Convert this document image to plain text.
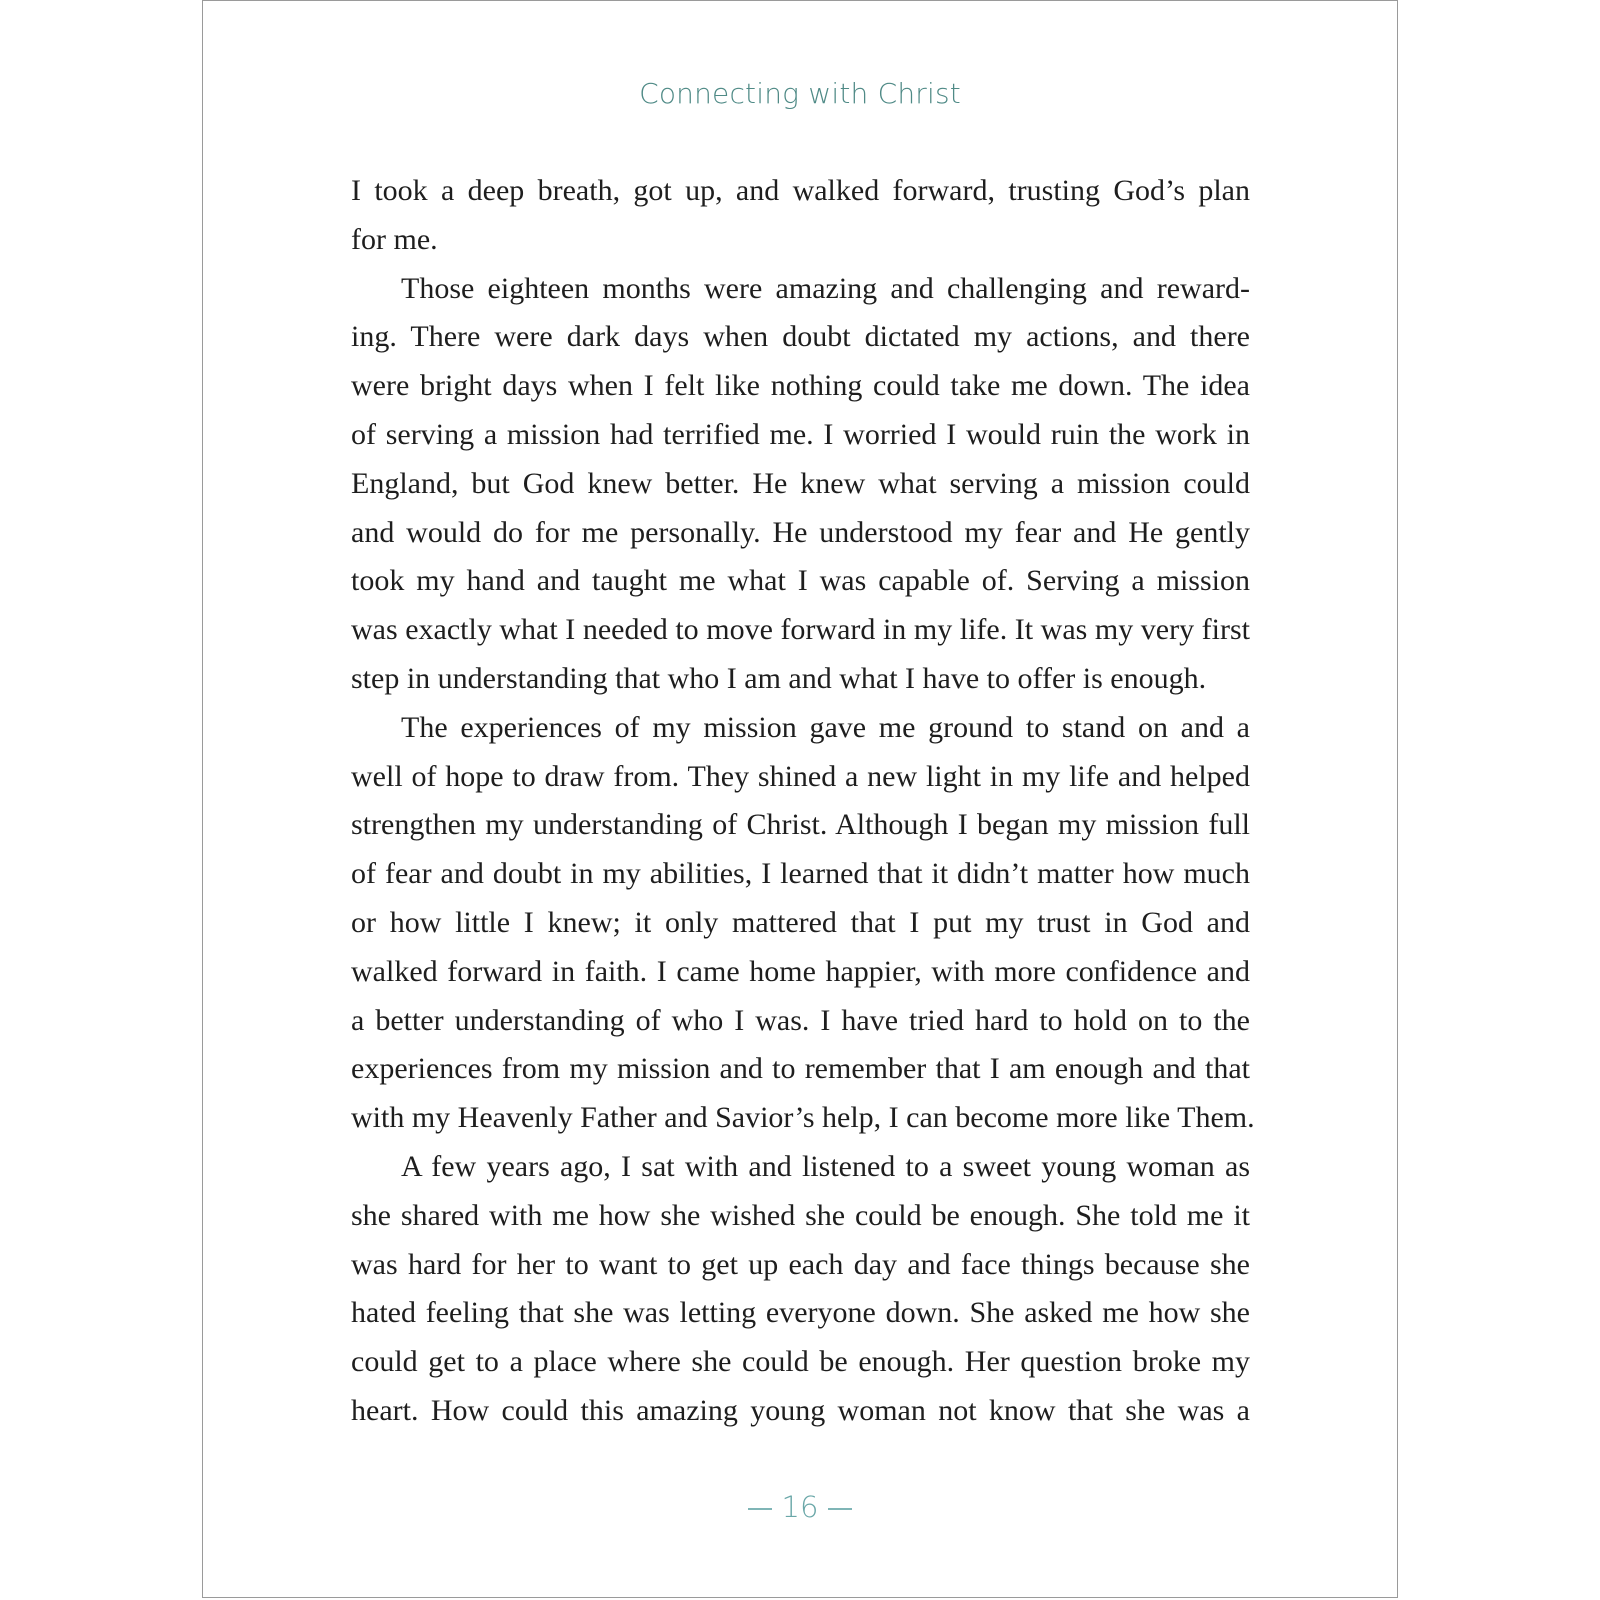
Connecting with Christ
I took a deep breath, got up, and walked forward, trusting God’s plan
for me.
Those eighteen months were amazing and challenging and reward-
ing. There were dark days when doubt dictated my actions, and there
were bright days when I felt like nothing could take me down. The idea
of serving a mission had terrified me. I worried I would ruin the work in
England, but God knew better. He knew what serving a mission could
and would do for me personally. He understood my fear and He gently
took my hand and taught me what I was capable of. Serving a mission
was exactly what I needed to move forward in my life. It was my very first
step in understanding that who I am and what I have to offer is enough.
The experiences of my mission gave me ground to stand on and a
well of hope to draw from. They shined a new light in my life and helped
strengthen my understanding of Christ. Although I began my mission full
of fear and doubt in my abilities, I learned that it didn’t matter how much
or how little I knew; it only mattered that I put my trust in God and
walked forward in faith. I came home happier, with more confidence and
a better understanding of who I was. I have tried hard to hold on to the
experiences from my mission and to remember that I am enough and that
with my Heavenly Father and Savior’s help, I can become more like Them.
A few years ago, I sat with and listened to a sweet young woman as
she shared with me how she wished she could be enough. She told me it
was hard for her to want to get up each day and face things because she
hated feeling that she was letting everyone down. She asked me how she
could get to a place where she could be enough. Her question broke my
heart. How could this amazing young woman not know that she was a
16
